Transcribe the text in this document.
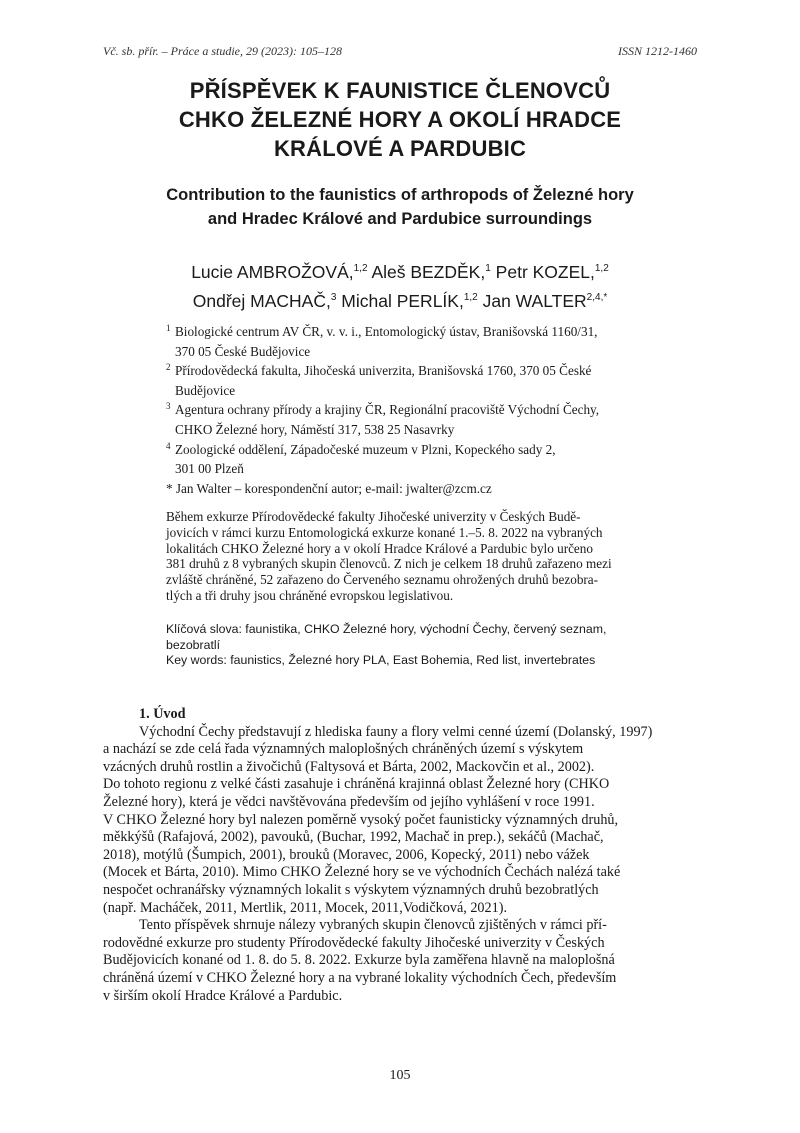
Vč. sb. přír. – Práce a studie, 29 (2023): 105–128	ISSN 1212-1460
PŘÍSPĚVEK K FAUNISTICE ČLENOVCŮ
CHKO ŽELEZNÉ HORY A OKOLÍ HRADCE
KRÁLOVÉ A PARDUBIC
Contribution to the faunistics of arthropods of Železné hory
and Hradec Králové and Pardubice surroundings
Lucie AMBROŽOVÁ,$^{1,2}$ Aleš BEZDĚK,$^1$ Petr KOZEL,$^{1,2}$
Ondřej MACHAČ,$^3$ Michal PERLÍK,$^{1,2}$ Jan $WALTER^{2,4,*}$
1 Biologické centrum AV ČR, v. v. i., Entomologický ústav, Branišovská 1160/31,
370 05 České Budějovice
2 Přírodovědecká fakulta, Jihočeská univerzita, Branišovská 1760, 370 05 České
Budějovice
3 Agentura ochrany přírody a krajiny ČR, Regionální pracoviště Východní Čechy,
CHKO Železné hory, Náměstí 317, 538 25 Nasavrky
4 Zoologické oddělení, Západočeské muzeum v Plzni, Kopeckého sady 2,
301 00 Plzeň
* Jan Walter – korespondenční autor; e-mail: jwalter@zcm.cz
Během exkurze Přírodovědecké fakulty Jihočeské univerzity v Českých Budě-
jovicích v rámci kurzu Entomologická exkurze konané 1.–5. 8. 2022 na vybraných
lokalitách CHKO Železné hory a v okolí Hradce Králové a Pardubic bylo určeno
381 druhů z 8 vybraných skupin členovců. Z nich je celkem 18 druhů zařazeno mezi
zvláště chráněné, 52 zařazeno do Červeného seznamu ohrožených druhů bezobra-
tlých a tři druhy jsou chráněné evropskou legislativou.
Klíčová slova: faunistika, CHKO Železné hory, východní Čechy, červený seznam,
bezobratlí
Key words: faunistics, Železné hory PLA, East Bohemia, Red list, invertebrates
1. Úvod
Východní Čechy představují z hlediska fauny a flory velmi cenné území (Dolanský, 1997)
a nachází se zde celá řada významných maloplošných chráněných území s výskytem
vzácných druhů rostlin a živočichů (Faltysová et Bárta, 2002, Mackovčin et al., 2002).
Do tohoto regionu z velké části zasahuje i chráněná krajinná oblast Železné hory (CHKO
Železné hory), která je vědci navštěvována především od jejího vyhlášení v roce 1991.
V CHKO Železné hory byl nalezen poměrně vysoký počet faunisticky významných druhů,
měkkýšů (Rafajová, 2002), pavouků, (Buchar, 1992, Machač in prep.), sekáčů (Machač,
2018), motýlů (Šumpich, 2001), brouků (Moravec, 2006, Kopecký, 2011) nebo vážek
(Mocek et Bárta, 2010). Mimo CHKO Železné hory se ve východních Čechách nalézá také
nespočet ochranářsky významných lokalit s výskytem významných druhů bezobratlých
(např. Macháček, 2011, Mertlik, 2011, Mocek, 2011,Vodičková, 2021).
Tento příspěvek shrnuje nálezy vybraných skupin členovců zjištěných v rámci pří-
rodovědné exkurze pro studenty Přírodovědecké fakulty Jihočeské univerzity v Českých
Budějovicích konané od 1. 8. do 5. 8. 2022. Exkurze byla zaměřena hlavně na maloplošná
chráněná území v CHKO Železné hory a na vybrané lokality východních Čech, především
v širším okolí Hradce Králové a Pardubic.
105
